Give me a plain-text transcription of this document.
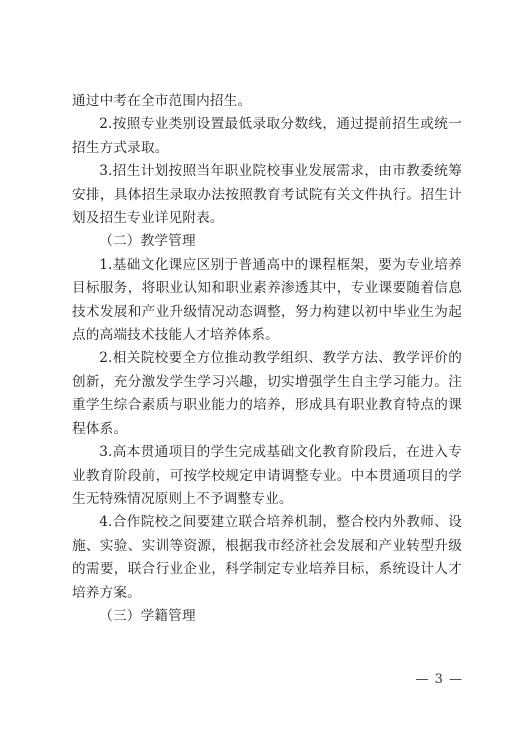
通过中考在全市范围内招生。

2.按照专业类别设置最低录取分数线，通过提前招生或统一招生方式录取。

3.招生计划按照当年职业院校事业发展需求，由市教委统筹安排，具体招生录取办法按照教育考试院有关文件执行。招生计划及招生专业详见附表。

（二）教学管理

1.基础文化课应区别于普通高中的课程框架，要为专业培养目标服务，将职业认知和职业素养渗透其中，专业课要随着信息技术发展和产业升级情况动态调整，努力构建以初中毕业生为起点的高端技术技能人才培养体系。

2.相关院校要全方位推动教学组织、教学方法、教学评价的创新，充分激发学生学习兴趣，切实增强学生自主学习能力。注重学生综合素质与职业能力的培养，形成具有职业教育特点的课程体系。

3.高本贯通项目的学生完成基础文化教育阶段后，在进入专业教育阶段前，可按学校规定申请调整专业。中本贯通项目的学生无特殊情况原则上不予调整专业。

4.合作院校之间要建立联合培养机制，整合校内外教师、设施、实验、实训等资源，根据我市经济社会发展和产业转型升级的需要，联合行业企业，科学制定专业培养目标，系统设计人才培养方案。

（三）学籍管理

— 3 —
